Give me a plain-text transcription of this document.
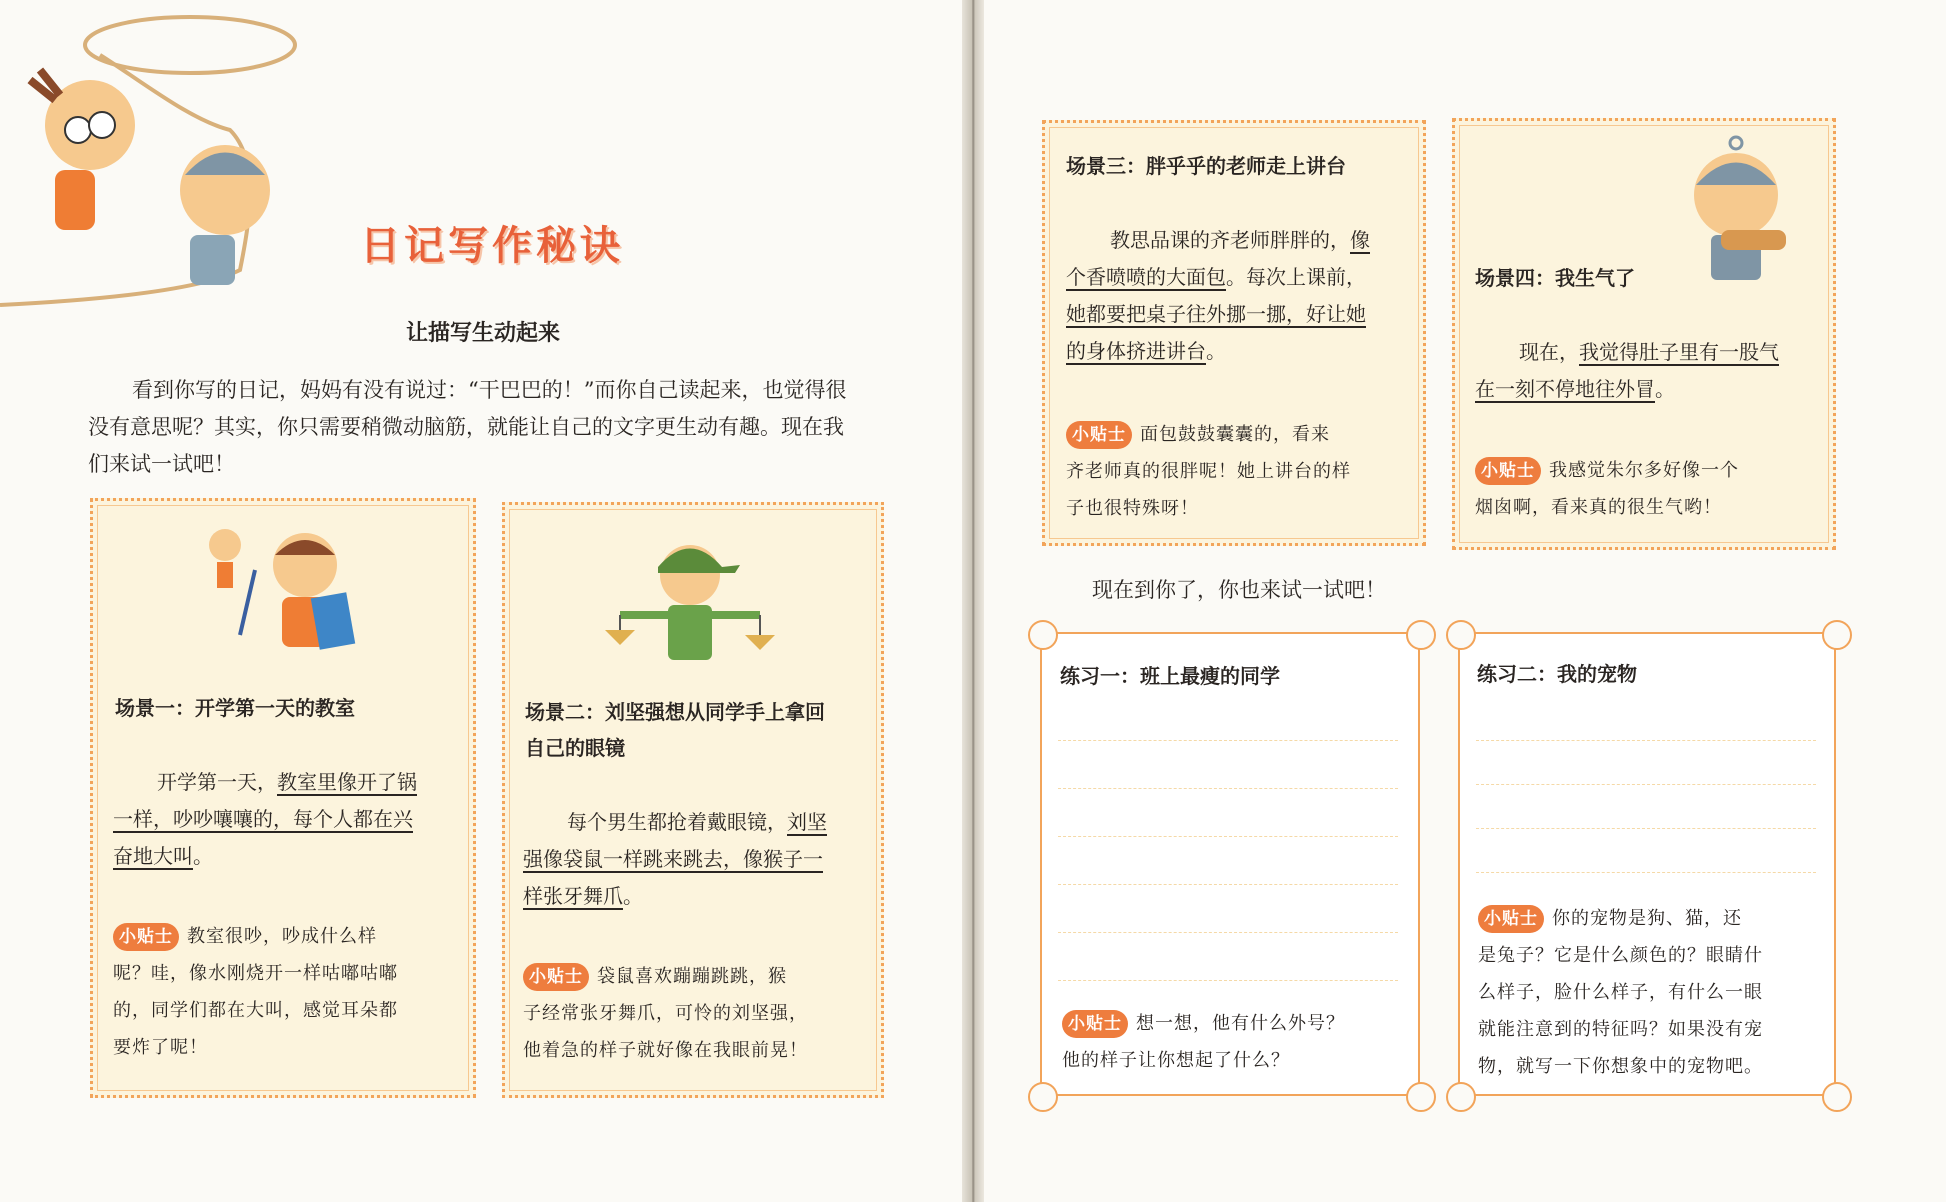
日记写作秘诀
让描写生动起来
看到你写的日记，妈妈有没有说过：“干巴巴的！”而你自己读起来，也觉得很
没有意思呢？其实，你只需要稍微动脑筋，就能让自己的文字更生动有趣。现在我
们来试一试吧！
场景一：开学第一天的教室
开学第一天，教室里像开了锅
一样，吵吵嚷嚷的，每个人都在兴
奋地大叫。
小贴士 教室很吵，吵成什么样
呢？哇，像水刚烧开一样咕嘟咕嘟
的，同学们都在大叫，感觉耳朵都
要炸了呢！
场景二：刘坚强想从同学手上拿回
自己的眼镜
每个男生都抢着戴眼镜，刘坚
强像袋鼠一样跳来跳去，像猴子一
样张牙舞爪。
小贴士 袋鼠喜欢蹦蹦跳跳，猴
子经常张牙舞爪，可怜的刘坚强，
他着急的样子就好像在我眼前晃！
场景三：胖乎乎的老师走上讲台
教思品课的齐老师胖胖的，像
个香喷喷的大面包。每次上课前，
她都要把桌子往外挪一挪，好让她
的身体挤进讲台。
小贴士 面包鼓鼓囊囊的，看来
齐老师真的很胖呢！她上讲台的样
子也很特殊呀！
场景四：我生气了
现在，我觉得肚子里有一股气
在一刻不停地往外冒。
小贴士 我感觉朱尔多好像一个
烟囱啊，看来真的很生气哟！
现在到你了，你也来试一试吧！
练习一：班上最瘦的同学
小贴士 想一想，他有什么外号？
他的样子让你想起了什么？
练习二：我的宠物
小贴士 你的宠物是狗、猫，还
是兔子？它是什么颜色的？眼睛什
么样子，脸什么样子，有什么一眼
就能注意到的特征吗？如果没有宠
物，就写一下你想象中的宠物吧。
